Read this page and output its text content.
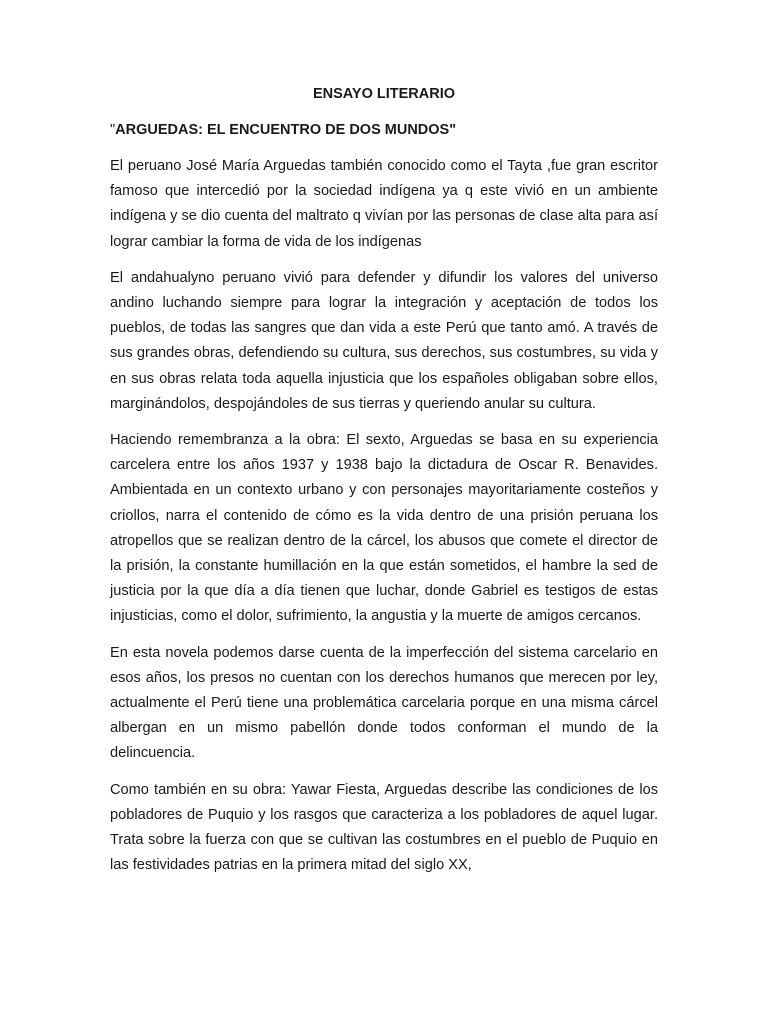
ENSAYO LITERARIO
"ARGUEDAS: EL ENCUENTRO DE DOS MUNDOS"

El peruano José María Arguedas también conocido como el Tayta ,fue gran escritor famoso que intercedió por la sociedad indígena ya q este vivió en un ambiente indígena y se dio cuenta del maltrato q vivían por las personas de clase alta para así lograr cambiar la forma de vida de los indígenas

El andahualyno peruano vivió para defender y difundir los valores del universo andino luchando siempre para lograr la integración y aceptación de todos los pueblos, de todas las sangres que dan vida a este Perú que tanto amó. A través de sus grandes obras, defendiendo su cultura, sus derechos, sus costumbres, su vida y en sus obras relata toda aquella injusticia que los españoles obligaban sobre ellos, marginándolos, despojándoles de sus tierras y queriendo anular su cultura.

Haciendo remembranza a la obra: El sexto, Arguedas se basa en su experiencia carcelera entre los años 1937 y 1938 bajo la dictadura de Oscar R. Benavides. Ambientada en un contexto urbano y con personajes mayoritariamente costeños y criollos, narra el contenido de cómo es la vida dentro de una prisión peruana los atropellos que se realizan dentro de la cárcel, los abusos que comete el director de la prisión, la constante humillación en la que están sometidos, el hambre la sed de justicia por la que día a día tienen que luchar, donde Gabriel es testigos de estas injusticias, como el dolor, sufrimiento, la angustia y la muerte de amigos cercanos.

En esta novela podemos darse cuenta de la imperfección del sistema carcelario en esos años, los presos no cuentan con los derechos humanos que merecen por ley, actualmente el Perú tiene una problemática carcelaria porque en una misma cárcel albergan en un mismo pabellón donde todos conforman el mundo de la delincuencia.

Como también en su obra: Yawar Fiesta, Arguedas describe las condiciones de los pobladores de Puquio y los rasgos que caracteriza a los pobladores de aquel lugar. Trata sobre la fuerza con que se cultivan las costumbres en el pueblo de Puquio en las festividades patrias en la primera mitad del siglo XX,
